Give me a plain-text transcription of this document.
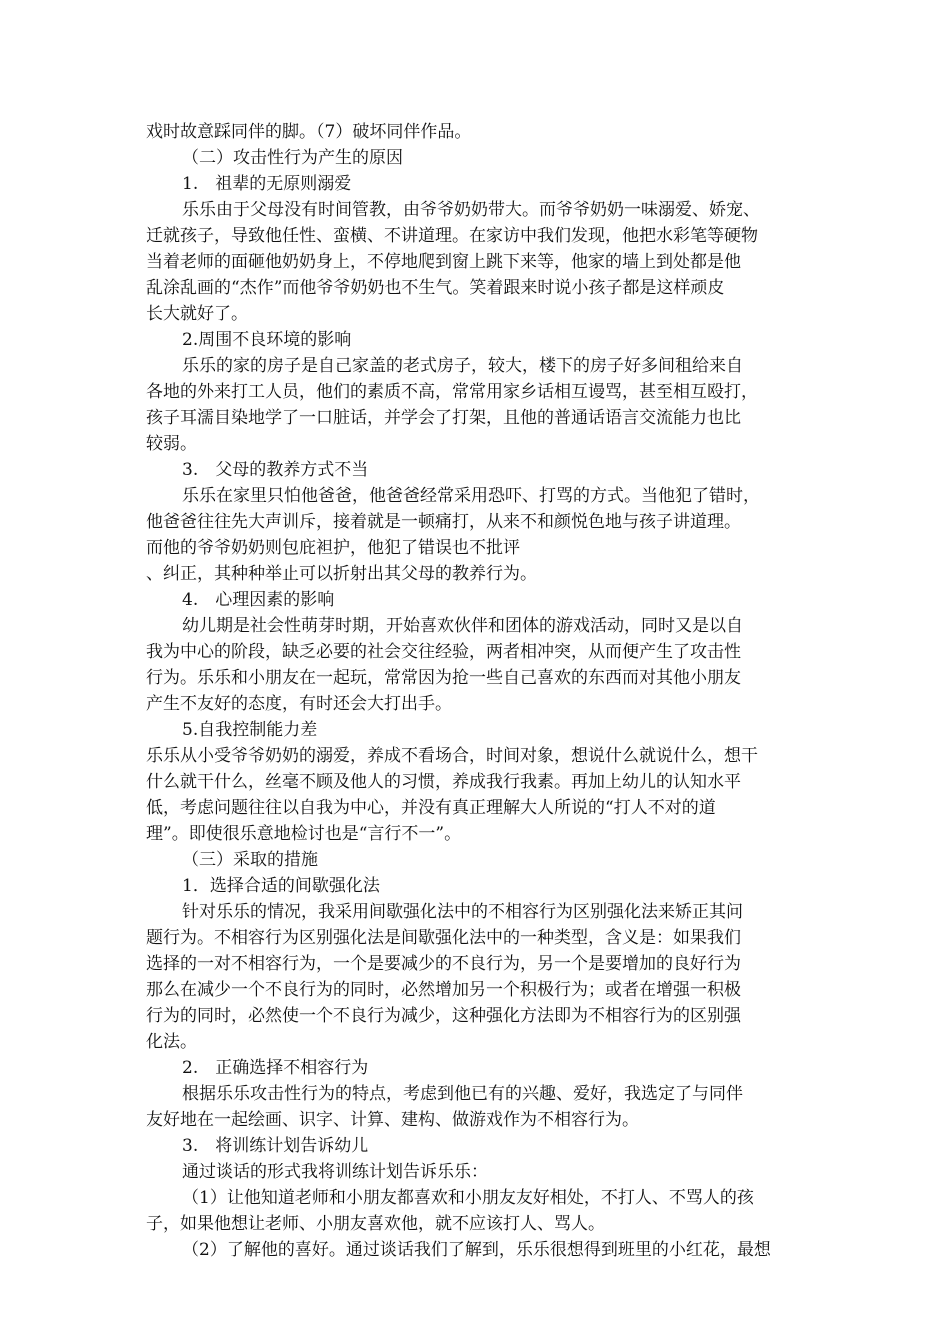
戏时故意踩同伴的脚。（7）破坏同伴作品。
（二）攻击性行为产生的原因
1.　祖辈的无原则溺爱
乐乐由于父母没有时间管教，由爷爷奶奶带大。而爷爷奶奶一味溺爱、娇宠、
迁就孩子，导致他任性、蛮横、不讲道理。在家访中我们发现，他把水彩笔等硬物
当着老师的面砸他奶奶身上，不停地爬到窗上跳下来等，他家的墙上到处都是他
乱涂乱画的“杰作”而他爷爷奶奶也不生气。笑着跟来时说小孩子都是这样顽皮
长大就好了。
2.周围不良环境的影响
乐乐的家的房子是自己家盖的老式房子，较大，楼下的房子好多间租给来自
各地的外来打工人员，他们的素质不高，常常用家乡话相互谩骂，甚至相互殴打，
孩子耳濡目染地学了一口脏话，并学会了打架，且他的普通话语言交流能力也比
较弱。
3.　父母的教养方式不当
乐乐在家里只怕他爸爸，他爸爸经常采用恐吓、打骂的方式。当他犯了错时，
他爸爸往往先大声训斥，接着就是一顿痛打，从来不和颜悦色地与孩子讲道理。
而他的爷爷奶奶则包庇袒护，他犯了错误也不批评
、纠正，其种种举止可以折射出其父母的教养行为。
4.　心理因素的影响
幼儿期是社会性萌芽时期，开始喜欢伙伴和团体的游戏活动，同时又是以自
我为中心的阶段，缺乏必要的社会交往经验，两者相冲突，从而便产生了攻击性
行为。乐乐和小朋友在一起玩，常常因为抢一些自己喜欢的东西而对其他小朋友
产生不友好的态度，有时还会大打出手。
5.自我控制能力差
乐乐从小受爷爷奶奶的溺爱，养成不看场合，时间对象，想说什么就说什么，想干
什么就干什么，丝毫不顾及他人的习惯，养成我行我素。再加上幼儿的认知水平
低，考虑问题往往以自我为中心，并没有真正理解大人所说的“打人不对的道
理”。即使很乐意地检讨也是“言行不一”。
（三）采取的措施
1．选择合适的间歇强化法
针对乐乐的情况，我采用间歇强化法中的不相容行为区别强化法来矫正其问
题行为。不相容行为区别强化法是间歇强化法中的一种类型，含义是：如果我们
选择的一对不相容行为，一个是要减少的不良行为，另一个是要增加的良好行为
那么在减少一个不良行为的同时，必然增加另一个积极行为；或者在增强一积极
行为的同时，必然使一个不良行为减少，这种强化方法即为不相容行为的区别强
化法。
2.　正确选择不相容行为
根据乐乐攻击性行为的特点，考虑到他已有的兴趣、爱好，我选定了与同伴
友好地在一起绘画、识字、计算、建构、做游戏作为不相容行为。
3.　将训练计划告诉幼儿
通过谈话的形式我将训练计划告诉乐乐：
（1）让他知道老师和小朋友都喜欢和小朋友友好相处，不打人、不骂人的孩
子，如果他想让老师、小朋友喜欢他，就不应该打人、骂人。
（2）了解他的喜好。通过谈话我们了解到，乐乐很想得到班里的小红花，最想
